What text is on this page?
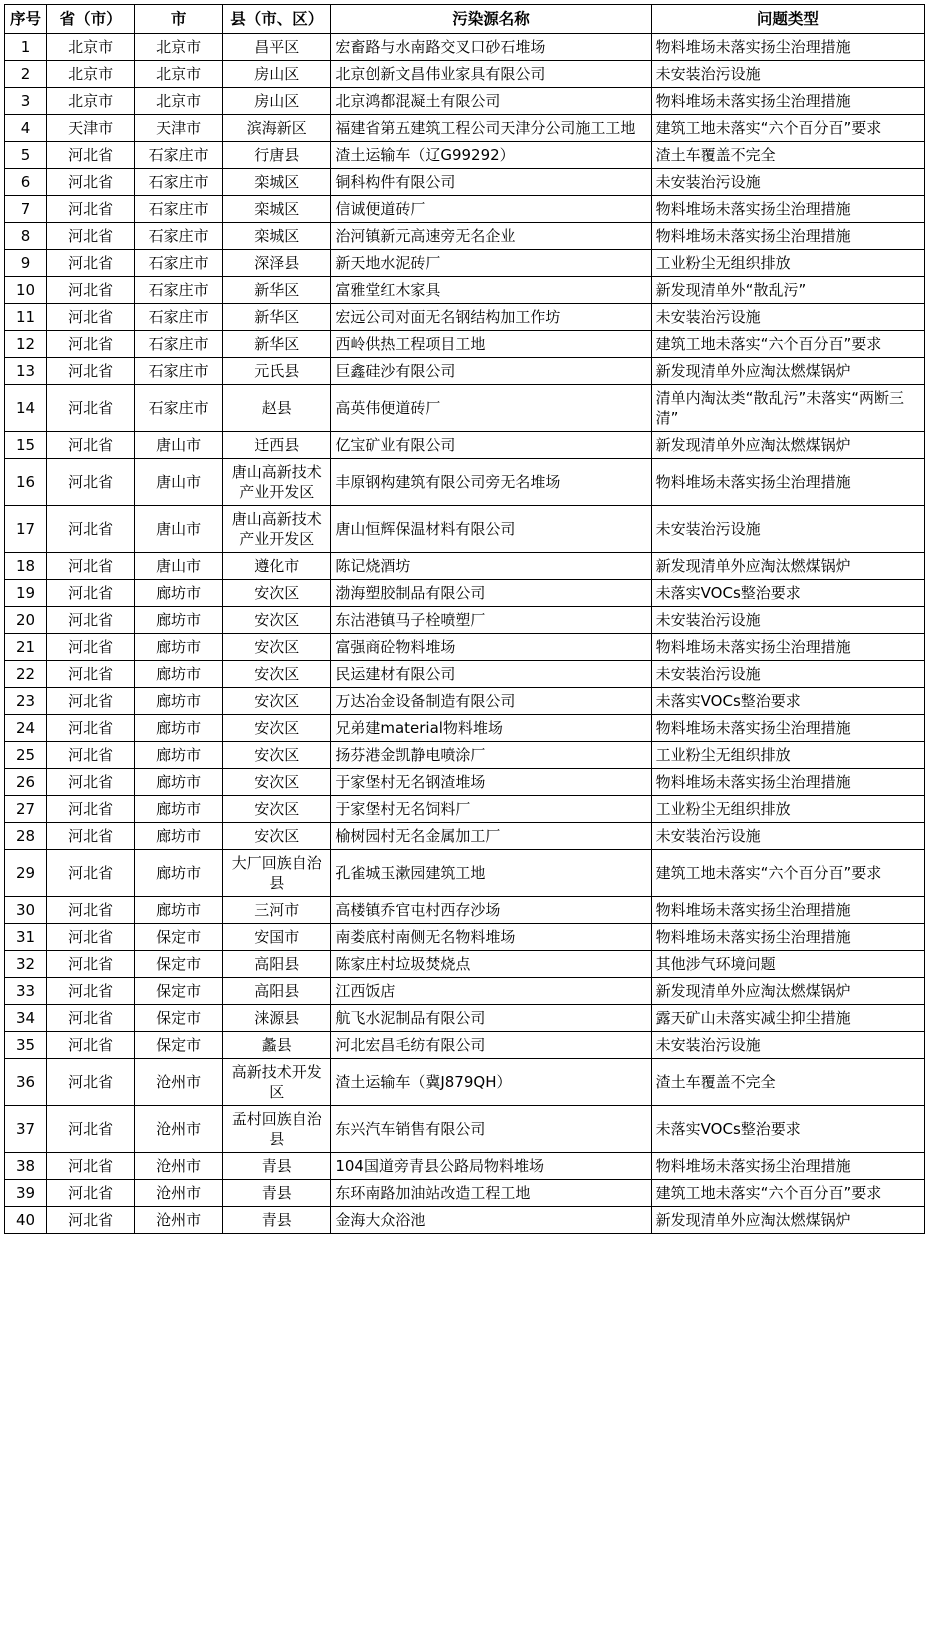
序号	省（市）	市	县（市、区）	污染源名称	问题类型
1	北京市	北京市	昌平区	宏畜路与水南路交叉口砂石堆场	物料堆场未落实扬尘治理措施
2	北京市	北京市	房山区	北京创新文昌伟业家具有限公司	未安装治污设施
3	北京市	北京市	房山区	北京鸿都混凝土有限公司	物料堆场未落实扬尘治理措施
4	天津市	天津市	滨海新区	福建省第五建筑工程公司天津分公司施工工地	建筑工地未落实“六个百分百”要求
5	河北省	石家庄市	行唐县	渣土运输车（辽G99292）	渣土车覆盖不完全
6	河北省	石家庄市	栾城区	铜科构件有限公司	未安装治污设施
7	河北省	石家庄市	栾城区	信诚便道砖厂	物料堆场未落实扬尘治理措施
8	河北省	石家庄市	栾城区	治河镇新元高速旁无名企业	物料堆场未落实扬尘治理措施
9	河北省	石家庄市	深泽县	新天地水泥砖厂	工业粉尘无组织排放
10	河北省	石家庄市	新华区	富雅堂红木家具	新发现清单外“散乱污”
11	河北省	石家庄市	新华区	宏远公司对面无名钢结构加工作坊	未安装治污设施
12	河北省	石家庄市	新华区	西岭供热工程项目工地	建筑工地未落实“六个百分百”要求
13	河北省	石家庄市	元氏县	巨鑫硅沙有限公司	新发现清单外应淘汰燃煤锅炉
14	河北省	石家庄市	赵县	高英伟便道砖厂	清单内淘汰类“散乱污”未落实“两断三清”
15	河北省	唐山市	迁西县	亿宝矿业有限公司	新发现清单外应淘汰燃煤锅炉
16	河北省	唐山市	唐山高新技术产业开发区	丰原钢构建筑有限公司旁无名堆场	物料堆场未落实扬尘治理措施
17	河北省	唐山市	唐山高新技术产业开发区	唐山恒辉保温材料有限公司	未安装治污设施
18	河北省	唐山市	遵化市	陈记烧酒坊	新发现清单外应淘汰燃煤锅炉
19	河北省	廊坊市	安次区	渤海塑胶制品有限公司	未落实VOCs整治要求
20	河北省	廊坊市	安次区	东沽港镇马子栓喷塑厂	未安装治污设施
21	河北省	廊坊市	安次区	富强商砼物料堆场	物料堆场未落实扬尘治理措施
22	河北省	廊坊市	安次区	民运建材有限公司	未安装治污设施
23	河北省	廊坊市	安次区	万达冶金设备制造有限公司	未落实VOCs整治要求
24	河北省	廊坊市	安次区	兄弟建material物料堆场	物料堆场未落实扬尘治理措施
25	河北省	廊坊市	安次区	扬芬港金凯静电喷涂厂	工业粉尘无组织排放
26	河北省	廊坊市	安次区	于家堡村无名钢渣堆场	物料堆场未落实扬尘治理措施
27	河北省	廊坊市	安次区	于家堡村无名饲料厂	工业粉尘无组织排放
28	河北省	廊坊市	安次区	榆树园村无名金属加工厂	未安装治污设施
29	河北省	廊坊市	大厂回族自治县	孔雀城玉漱园建筑工地	建筑工地未落实“六个百分百”要求
30	河北省	廊坊市	三河市	高楼镇乔官屯村西存沙场	物料堆场未落实扬尘治理措施
31	河北省	保定市	安国市	南娄底村南侧无名物料堆场	物料堆场未落实扬尘治理措施
32	河北省	保定市	高阳县	陈家庄村垃圾焚烧点	其他涉气环境问题
33	河北省	保定市	高阳县	江西饭店	新发现清单外应淘汰燃煤锅炉
34	河北省	保定市	涞源县	航飞水泥制品有限公司	露天矿山未落实减尘抑尘措施
35	河北省	保定市	蠡县	河北宏昌毛纺有限公司	未安装治污设施
36	河北省	沧州市	高新技术开发区	渣土运输车（冀J879QH）	渣土车覆盖不完全
37	河北省	沧州市	孟村回族自治县	东兴汽车销售有限公司	未落实VOCs整治要求
38	河北省	沧州市	青县	104国道旁青县公路局物料堆场	物料堆场未落实扬尘治理措施
39	河北省	沧州市	青县	东环南路加油站改造工程工地	建筑工地未落实“六个百分百”要求
40	河北省	沧州市	青县	金海大众浴池	新发现清单外应淘汰燃煤锅炉
